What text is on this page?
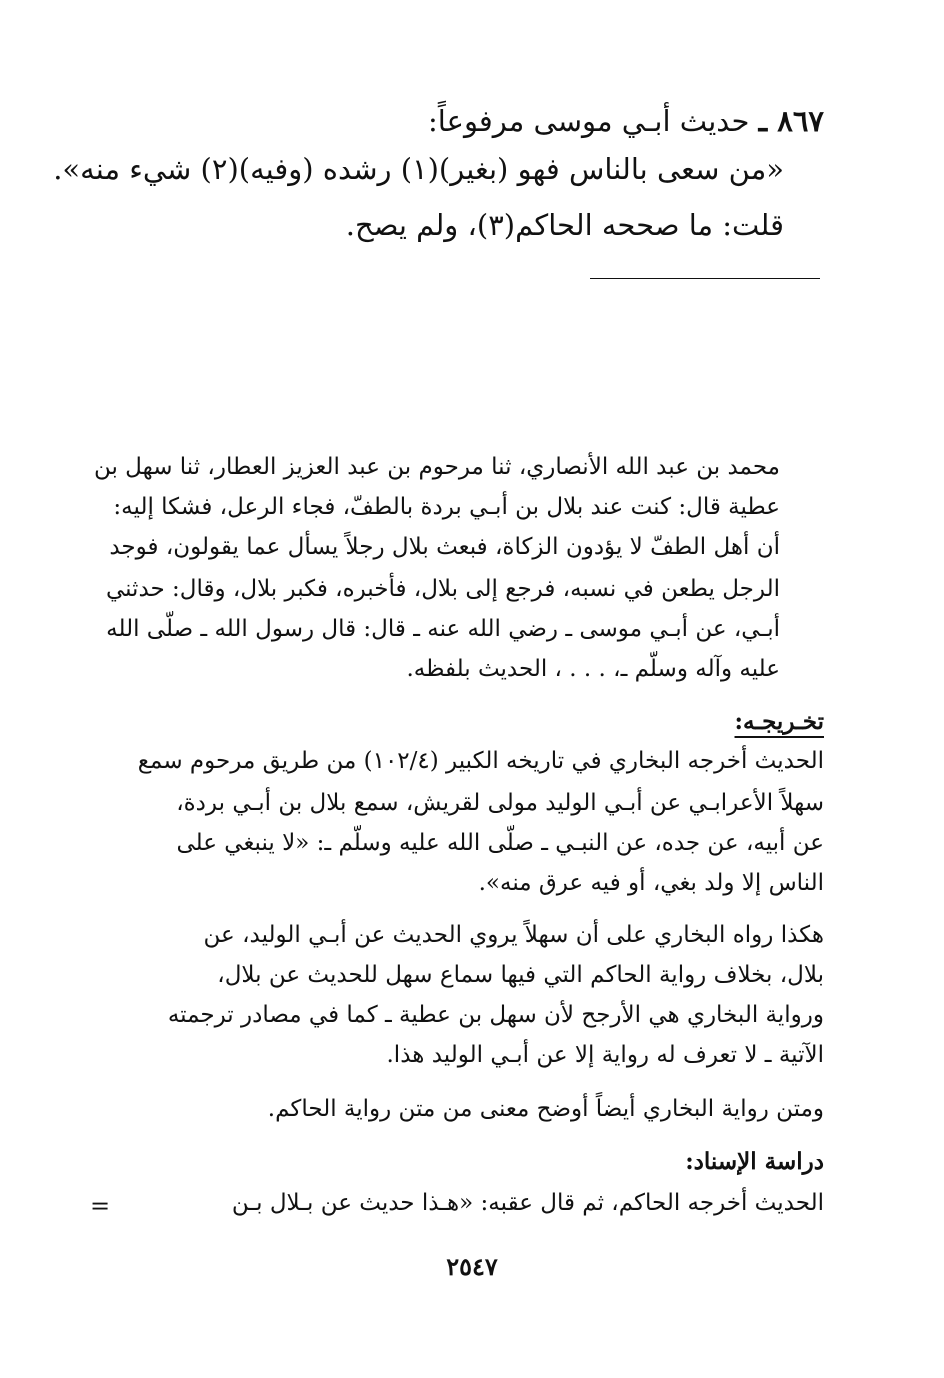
٨٦٧ ـ حديث أبـي موسى مرفوعاً:
«من سعى بالناس فهو (بغير)(١) رشده (وفيه)(٢) شيء منه».
قلت: ما صححه الحاكم(٣)، ولم يصح.
محمد بن عبد الله الأنصاري، ثنا مرحوم بن عبد العزيز العطار، ثنا سهل بن
عطية قال: كنت عند بلال بن أبـي بردة بالطفّ، فجاء الرعل، فشكا إليه:
أن أهل الطفّ لا يؤدون الزكاة، فبعث بلال رجلاً يسأل عما يقولون، فوجد
الرجل يطعن في نسبه، فرجع إلى بلال، فأخبره، فكبر بلال، وقال: حدثني
أبـي، عن أبـي موسى ـ رضي الله عنه ـ قال: قال رسول الله ـ صلّى الله
عليه وآله وسلّم ـ، . . . ، الحديث بلفظه.
تخـريجـه:
الحديث أخرجه البخاري في تاريخه الكبير (١٠٢/٤) من طريق مرحوم سمع
سهلاً الأعرابـي عن أبـي الوليد مولى لقريش، سمع بلال بن أبـي بردة،
عن أبيه، عن جده، عن النبـي ـ صلّى الله عليه وسلّم ـ: «لا ينبغي على
الناس إلا ولد بغي، أو فيه عرق منه».
هكذا رواه البخاري على أن سهلاً يروي الحديث عن أبـي الوليد، عن
بلال، بخلاف رواية الحاكم التي فيها سماع سهل للحديث عن بلال،
ورواية البخاري هي الأرجح لأن سهل بن عطية ـ كما في مصادر ترجمته
الآتية ـ لا تعرف له رواية إلا عن أبـي الوليد هذا.
ومتن رواية البخاري أيضاً أوضح معنى من متن رواية الحاكم.
دراسة الإسناد:
الحديث أخرجه الحاكم، ثم قال عقبه: «هـذا حديث عن بـلال بـن
=
٢٥٤٧
